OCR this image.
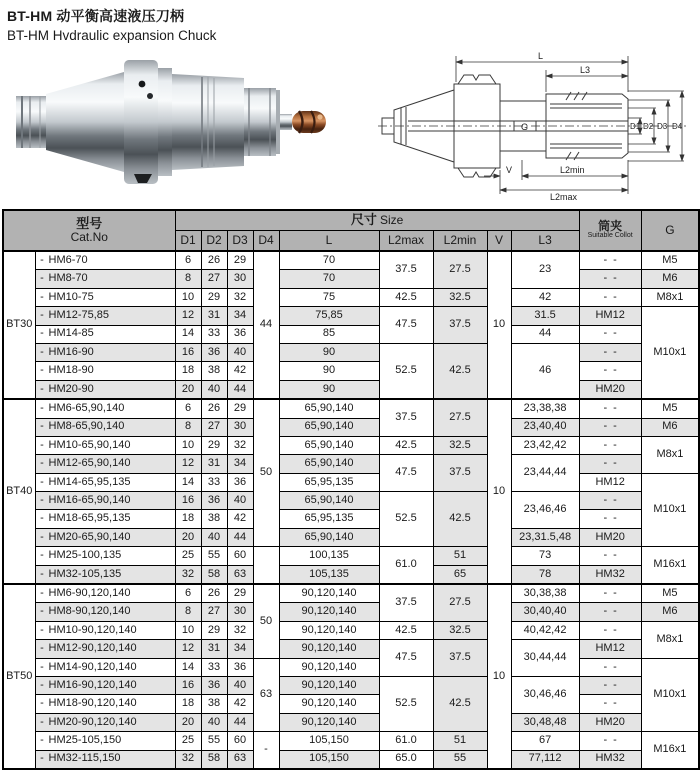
BT-HM 动平衡高速液压刀柄
BT-HM Hvdraulic expansion Chuck
L
L3
G
V	L2min
L2max
D1 D2 D3 D4
型号
Cat.No		尺寸 Size									筒夹
Suitable Collot	G
		D1	D2	D3	D4	L	L2max	L2min	V	L3		
BT30	- HM6-70	6	26	29	44	70	37.5	27.5	10	23	- -	M5
	- HM8-70	8	27	30		70					- -	M6
	- HM10-75	10	29	32		75	42.5	32.5		42	- -	M8x1
	- HM12-75,85	12	31	34		75,85	47.5	37.5		31.5	HM12	M10x1
	- HM14-85	14	33	36		85				44	- -	
	- HM16-90	16	36	40		90	52.5	42.5		46	- -	
	- HM18-90	18	38	42		90					- -	
	- HM20-90	20	40	44		90					HM20	
BT40	- HM6-65,90,140	6	26	29	50	65,90,140	37.5	27.5	10	23,38,38	- -	M5
	- HM8-65,90,140	8	27	30		65,90,140				23,40,40	- -	M6
	- HM10-65,90,140	10	29	32		65,90,140	42.5	32.5		23,42,42	- -	M8x1
	- HM12-65,90,140	12	31	34		65,90,140	47.5	37.5		23,44,44	- -	
	- HM14-65,95,135	14	33	36		65,95,135					HM12	M10x1
	- HM16-65,90,140	16	36	40		65,90,140	52.5	42.5		23,46,46	- -	
	- HM18-65,95,135	18	38	42		65,95,135					- -	
	- HM20-65,90,140	20	40	44		65,90,140				23,31.5,48	HM20	
	- HM25-100,135	25	55	60		100,135	61.0	51		73	- -	M16x1
	- HM32-105,135	32	58	63		105,135		65		78	HM32	
BT50	- HM6-90,120,140	6	26	29	50	90,120,140	37.5	27.5	10	30,38,38	- -	M5
	- HM8-90,120,140	8	27	30		90,120,140				30,40,40	- -	M6
	- HM10-90,120,140	10	29	32		90,120,140	42.5	32.5		40,42,42	- -	M8x1
	- HM12-90,120,140	12	31	34		90,120,140	47.5	37.5		30,44,44	HM12	
	- HM14-90,120,140	14	33	36	63	90,120,140					- -	M10x1
	- HM16-90,120,140	16	36	40		90,120,140	52.5	42.5		30,46,46	- -	
	- HM18-90,120,140	18	38	42		90,120,140					- -	
	- HM20-90,120,140	20	40	44		90,120,140				30,48,48	HM20	
	- HM25-105,150	25	55	60	-	105,150	61.0	51		67	- -	M16x1
	- HM32-115,150	32	58	63		105,150	65.0	55		77,112	HM32	
